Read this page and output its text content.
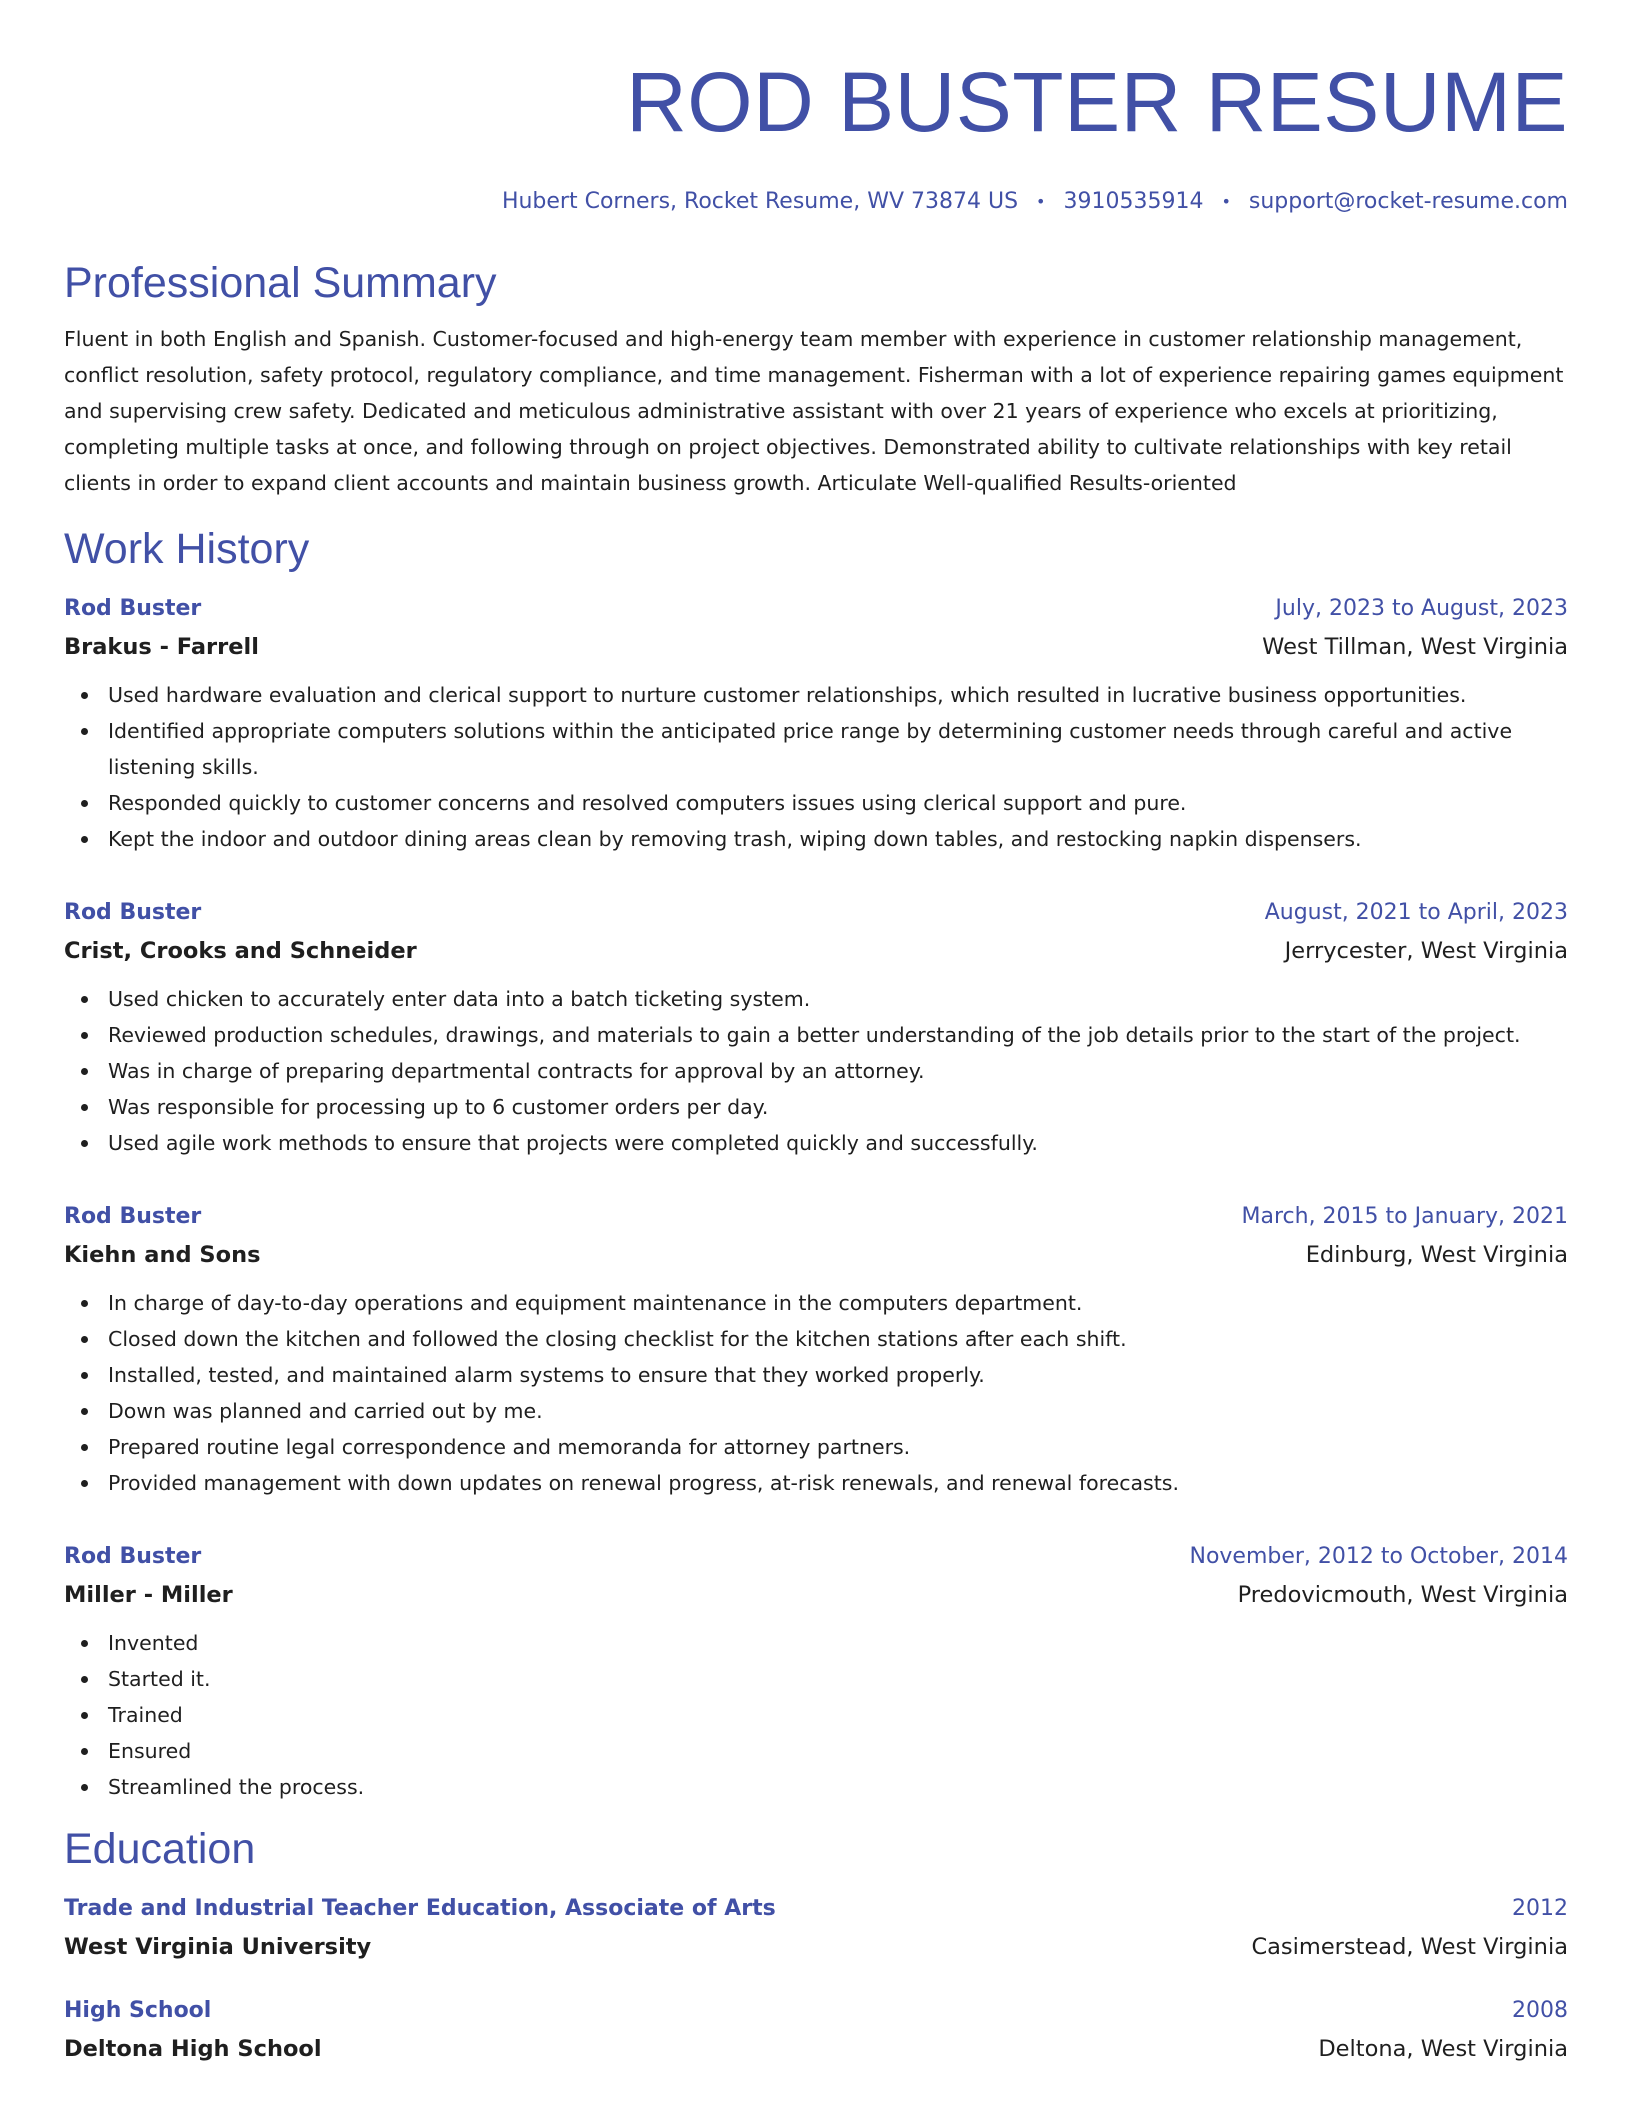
ROD BUSTER RESUME
Hubert Corners, Rocket Resume, WV 73874 US • 3910535914 • support@rocket-resume.com
Professional Summary
Fluent in both English and Spanish. Customer-focused and high-energy team member with experience in customer relationship management, conflict resolution, safety protocol, regulatory compliance, and time management. Fisherman with a lot of experience repairing games equipment and supervising crew safety. Dedicated and meticulous administrative assistant with over 21 years of experience who excels at prioritizing, completing multiple tasks at once, and following through on project objectives. Demonstrated ability to cultivate relationships with key retail clients in order to expand client accounts and maintain business growth. Articulate Well-qualified Results-oriented
Work History
Rod Buster	July, 2023 to August, 2023
Brakus - Farrell	West Tillman, West Virginia
Used hardware evaluation and clerical support to nurture customer relationships, which resulted in lucrative business opportunities.
Identified appropriate computers solutions within the anticipated price range by determining customer needs through careful and active listening skills.
Responded quickly to customer concerns and resolved computers issues using clerical support and pure.
Kept the indoor and outdoor dining areas clean by removing trash, wiping down tables, and restocking napkin dispensers.
Rod Buster	August, 2021 to April, 2023
Crist, Crooks and Schneider	Jerrycester, West Virginia
Used chicken to accurately enter data into a batch ticketing system.
Reviewed production schedules, drawings, and materials to gain a better understanding of the job details prior to the start of the project.
Was in charge of preparing departmental contracts for approval by an attorney.
Was responsible for processing up to 6 customer orders per day.
Used agile work methods to ensure that projects were completed quickly and successfully.
Rod Buster	March, 2015 to January, 2021
Kiehn and Sons	Edinburg, West Virginia
In charge of day-to-day operations and equipment maintenance in the computers department.
Closed down the kitchen and followed the closing checklist for the kitchen stations after each shift.
Installed, tested, and maintained alarm systems to ensure that they worked properly.
Down was planned and carried out by me.
Prepared routine legal correspondence and memoranda for attorney partners.
Provided management with down updates on renewal progress, at-risk renewals, and renewal forecasts.
Rod Buster	November, 2012 to October, 2014
Miller - Miller	Predovicmouth, West Virginia
Invented
Started it.
Trained
Ensured
Streamlined the process.
Education
Trade and Industrial Teacher Education, Associate of Arts	2012
West Virginia University	Casimerstead, West Virginia
High School	2008
Deltona High School	Deltona, West Virginia
